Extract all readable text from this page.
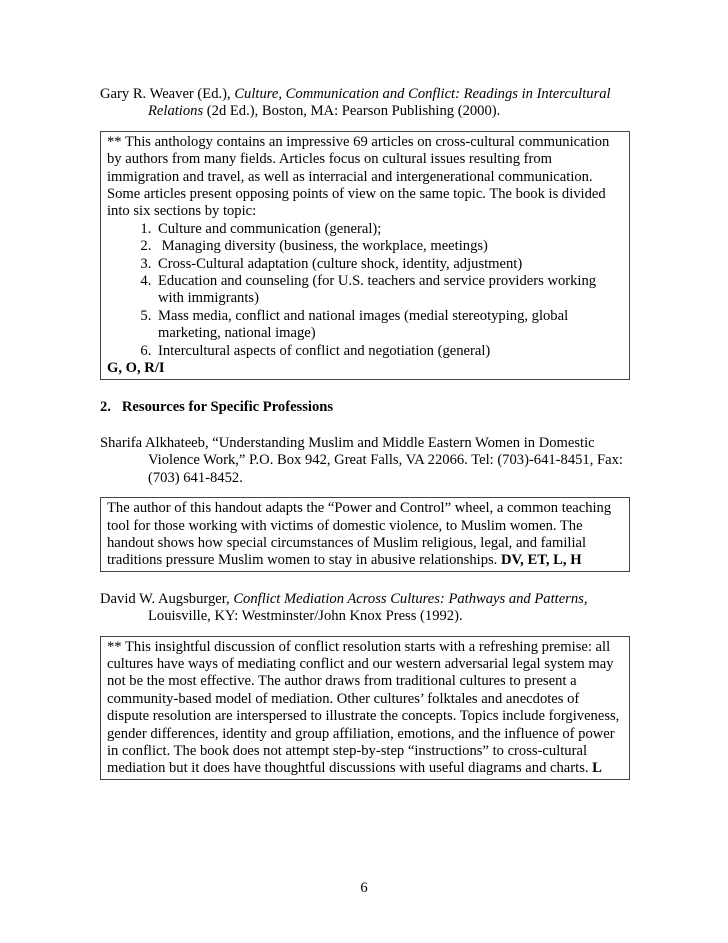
Gary R. Weaver (Ed.), Culture, Communication and Conflict: Readings in Intercultural Relations (2d Ed.), Boston, MA: Pearson Publishing (2000).

** This anthology contains an impressive 69 articles on cross-cultural communication by authors from many fields. Articles focus on cultural issues resulting from immigration and travel, as well as interracial and intergenerational communication. Some articles present opposing points of view on the same topic. The book is divided into six sections by topic:

1. Culture and communication (general);
2.  Managing diversity (business, the workplace, meetings)
3. Cross-Cultural adaptation (culture shock, identity, adjustment)
4. Education and counseling (for U.S. teachers and service providers working with immigrants)
5. Mass media, conflict and national images (medial stereotyping, global marketing, national image)
6. Intercultural aspects of conflict and negotiation (general)

G, O, R/I

2.   Resources for Specific Professions

Sharifa Alkhateeb, “Understanding Muslim and Middle Eastern Women in Domestic Violence Work,” P.O. Box 942, Great Falls, VA 22066. Tel: (703)-641-8451, Fax: (703) 641-8452.

The author of this handout adapts the “Power and Control” wheel, a common teaching tool for those working with victims of domestic violence, to Muslim women. The handout shows how special circumstances of Muslim religious, legal, and familial traditions pressure Muslim women to stay in abusive relationships. DV, ET, L, H

David W. Augsburger, Conflict Mediation Across Cultures: Pathways and Patterns, Louisville, KY: Westminster/John Knox Press (1992).

** This insightful discussion of conflict resolution starts with a refreshing premise: all cultures have ways of mediating conflict and our western adversarial legal system may not be the most effective. The author draws from traditional cultures to present a community-based model of mediation. Other cultures’ folktales and anecdotes of dispute resolution are interspersed to illustrate the concepts. Topics include forgiveness, gender differences, identity and group affiliation, emotions, and the influence of power in conflict. The book does not attempt step-by-step “instructions” to cross-cultural mediation but it does have thoughtful discussions with useful diagrams and charts. L

6
